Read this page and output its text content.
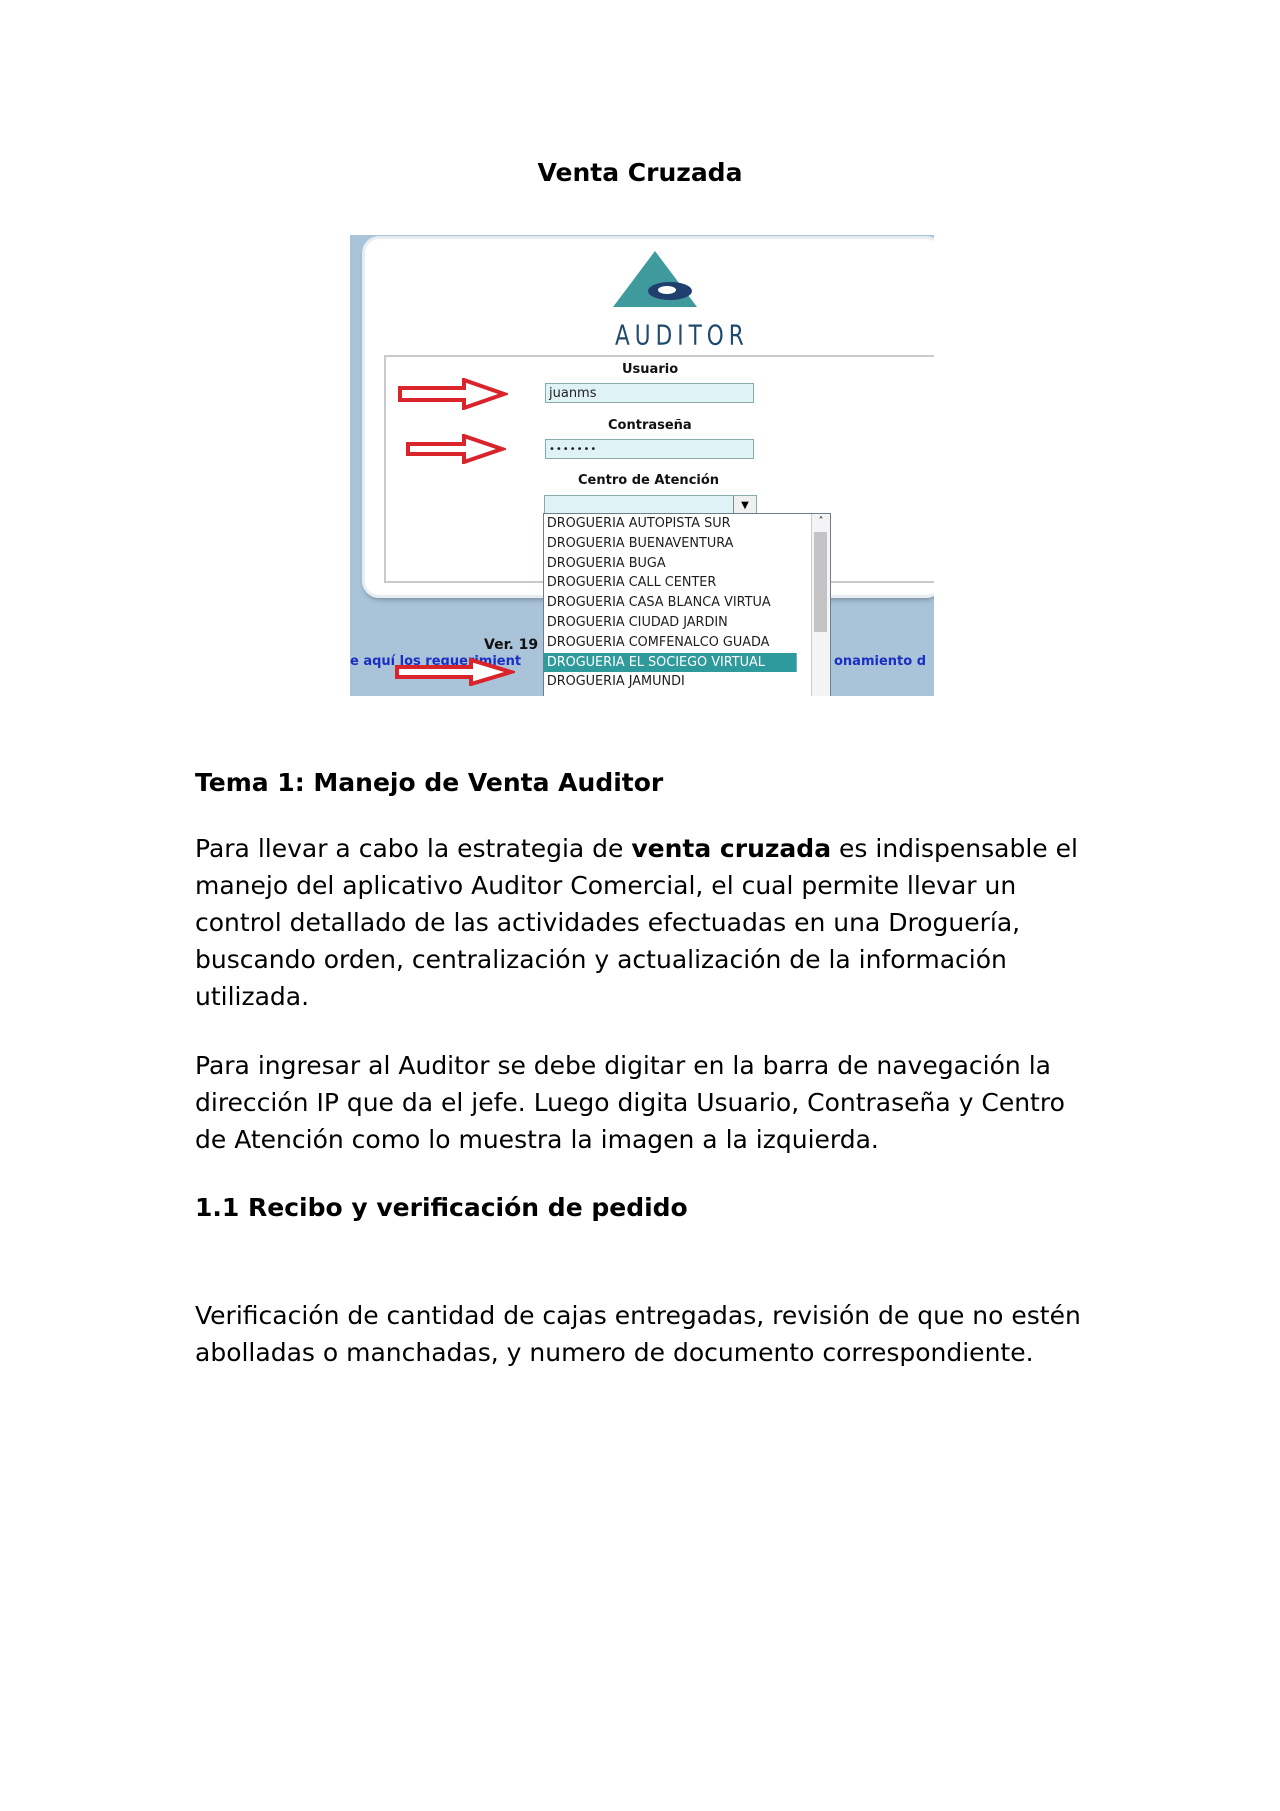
Venta Cruzada
AUDITOR
Usuario
juanms
Contraseña
•••••••
Centro de Atención
▼
Ver. 19
e aquí los requerimient	onamiento d
DROGUERIA AUTOPISTA SUR
DROGUERIA BUENAVENTURA
DROGUERIA BUGA
DROGUERIA CALL CENTER
DROGUERIA CASA BLANCA VIRTUA
DROGUERIA CIUDAD JARDIN
DROGUERIA COMFENALCO GUADA
DROGUERIA EL SOCIEGO VIRTUAL
DROGUERIA JAMUNDI
˄
Tema 1: Manejo de Venta Auditor
Para llevar a cabo la estrategia de venta cruzada es indispensable el manejo del aplicativo Auditor Comercial, el cual permite llevar un control detallado de las actividades efectuadas en una Droguería, buscando orden, centralización y actualización de la información utilizada.
Para ingresar al Auditor se debe digitar en la barra de navegación la dirección IP que da el jefe. Luego digita Usuario, Contraseña y Centro de Atención como lo muestra la imagen a la izquierda.
1.1 Recibo y verificación de pedido
Verificación de cantidad de cajas entregadas, revisión de que no estén abolladas o manchadas, y numero de documento correspondiente.
